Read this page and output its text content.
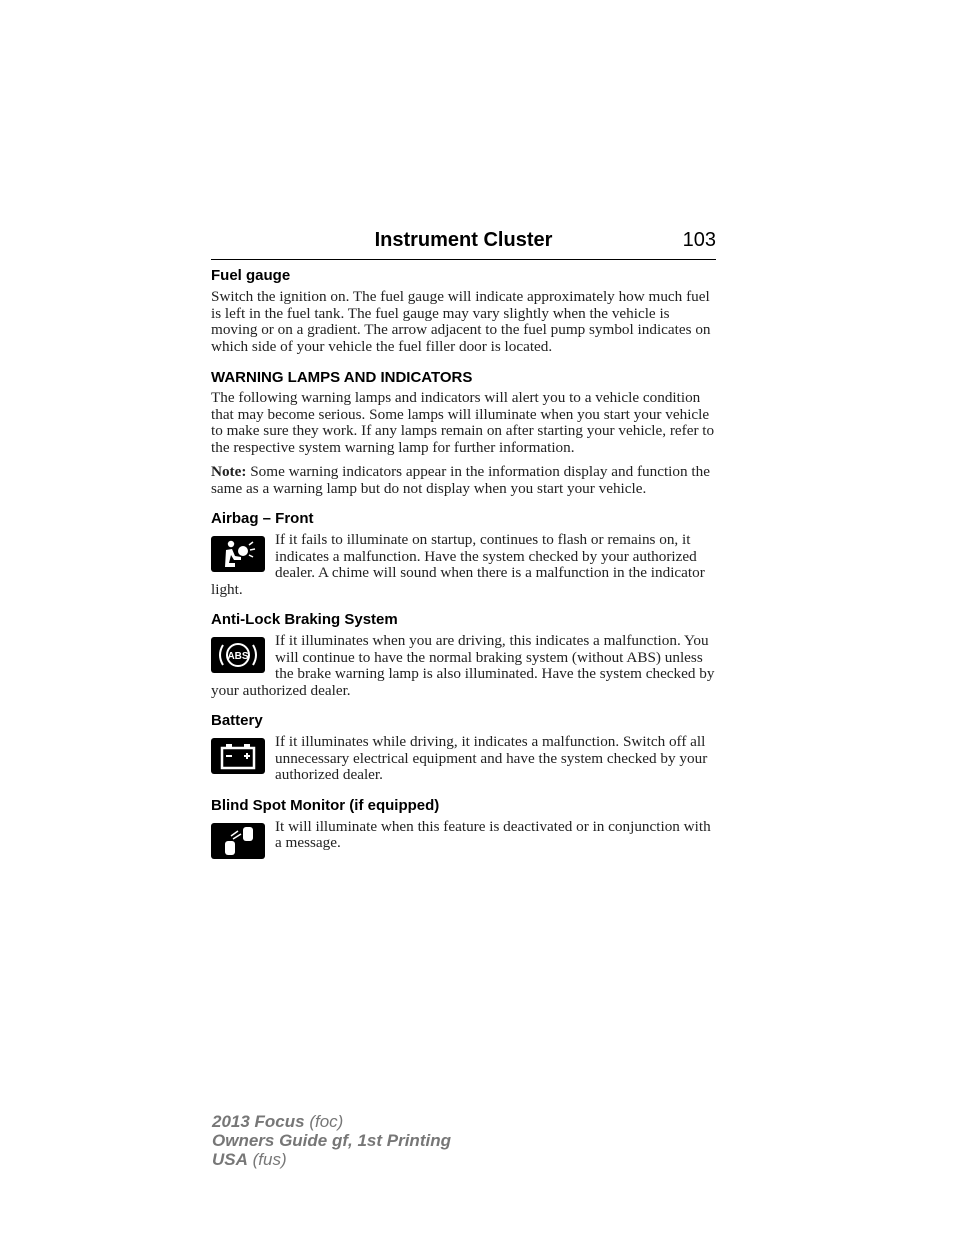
Instrument Cluster	103
Fuel gauge

Switch the ignition on. The fuel gauge will indicate approximately how much fuel is left in the fuel tank. The fuel gauge may vary slightly when the vehicle is moving or on a gradient. The arrow adjacent to the fuel pump symbol indicates on which side of your vehicle the fuel filler door is located.

WARNING LAMPS AND INDICATORS

The following warning lamps and indicators will alert you to a vehicle condition that may become serious. Some lamps will illuminate when you start your vehicle to make sure they work. If any lamps remain on after starting your vehicle, refer to the respective system warning lamp for further information.

Note: Some warning indicators appear in the information display and function the same as a warning lamp but do not display when you start your vehicle.

Airbag – Front

If it fails to illuminate on startup, continues to flash or remains on, it indicates a malfunction. Have the system checked by your authorized dealer. A chime will sound when there is a malfunction in the indicator light.

Anti-Lock Braking System
ABS

If it illuminates when you are driving, this indicates a malfunction. You will continue to have the normal braking system (without ABS) unless the brake warning lamp is also illuminated. Have the system checked by your authorized dealer.

Battery

If it illuminates while driving, it indicates a malfunction. Switch off all unnecessary electrical equipment and have the system checked by your authorized dealer.

Blind Spot Monitor (if equipped)

It will illuminate when this feature is deactivated or in conjunction with a message.

2013 Focus (foc)
Owners Guide gf, 1st Printing
USA (fus)
